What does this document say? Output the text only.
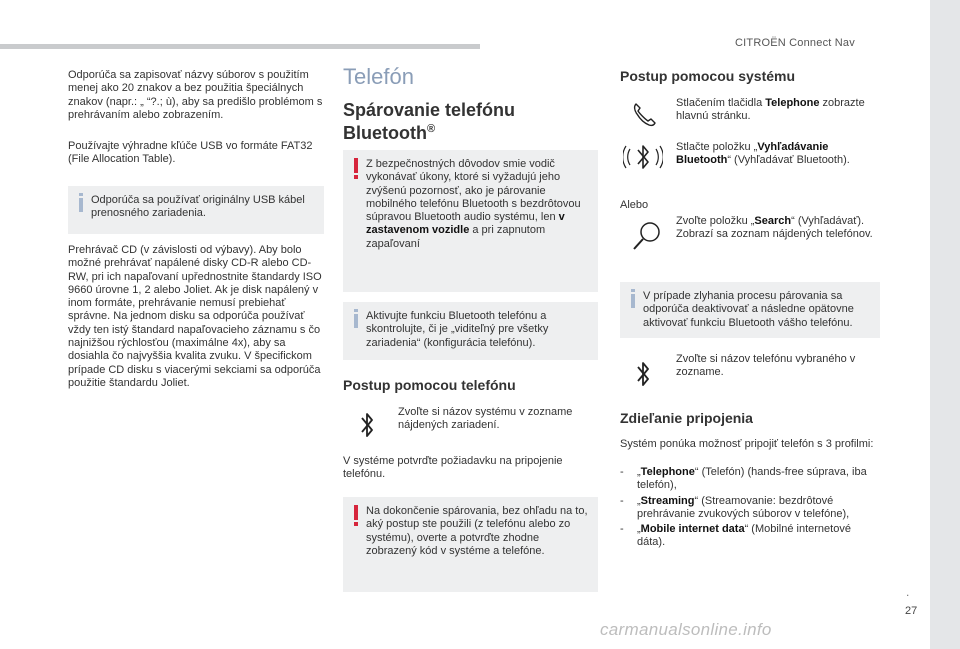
CITROËN Connect Nav

Odporúča sa zapisovať názvy súborov s použitím menej ako 20 znakov a bez použitia špeciálnych znakov (napr.: „ “?.; ù), aby sa predišlo problémom s prehrávaním alebo zobrazením.

Používajte výhradne kľúče USB vo formáte FAT32 (File Allocation Table).

Odporúča sa používať originálny USB kábel prenosného zariadenia.

Prehrávač CD (v závislosti od výbavy). Aby bolo možné prehrávať napálené disky CD-R alebo CD-RW, pri ich napaľovaní upřednostnite štandardy ISO 9660 úrovne 1, 2 alebo Joliet. Ak je disk napálený v inom formáte, prehrávanie nemusí prebiehať správne. Na jednom disku sa odporúča používať vždy ten istý štandard napaľovacieho záznamu s čo najnižšou rýchlosťou (maximálne 4x), aby sa dosiahla čo najvyššia kvalita zvuku. V špecifickom prípade CD disku s viacerými sekciami sa odporúča použitie štandardu Joliet.

Telefón
Spárovanie telefónu
Bluetooth®

Z bezpečnostných dôvodov smie vodič vykonávať úkony, ktoré si vyžadujú jeho zvýšenú pozornosť, ako je párovanie mobilného telefónu Bluetooth s bezdrôtovou súpravou Bluetooth audio systému, len v zastavenom vozidle a pri zapnutom zapaľovaní

Aktivujte funkciu Bluetooth telefónu a skontrolujte, či je „viditeľný pre všetky zariadenia“ (konfigurácia telefónu).

Postup pomocou telefónu

Zvoľte si názov systému v zozname nájdených zariadení.

V systéme potvrďte požiadavku na pripojenie telefónu.

Na dokončenie spárovania, bez ohľadu na to, aký postup ste použili (z telefónu alebo zo systému), overte a potvrďte zhodne zobrazený kód v systéme a telefóne.

Postup pomocou systému

Stlačením tlačidla Telephone zobrazte hlavnú stránku.

Stlačte položku „Vyhľadávanie Bluetooth“ (Vyhľadávať Bluetooth).

Alebo

Zvoľte položku „Search“ (Vyhľadávať). Zobrazí sa zoznam nájdených telefónov.

V prípade zlyhania procesu párovania sa odporúča deaktivovať a následne opätovne aktivovať funkciu Bluetooth vášho telefónu.

Zvoľte si názov telefónu vybraného v zozname.

Zdieľanie pripojenia

Systém ponúka možnosť pripojiť telefón s 3 profilmi:

- „Telephone“ (Telefón) (hands-free súprava, iba telefón),
- „Streaming“ (Streamovanie: bezdrôtové prehrávanie zvukových súborov v telefóne),
- „Mobile internet data“ (Mobilné internetové dáta).
.
27
carmanualsonline.info
